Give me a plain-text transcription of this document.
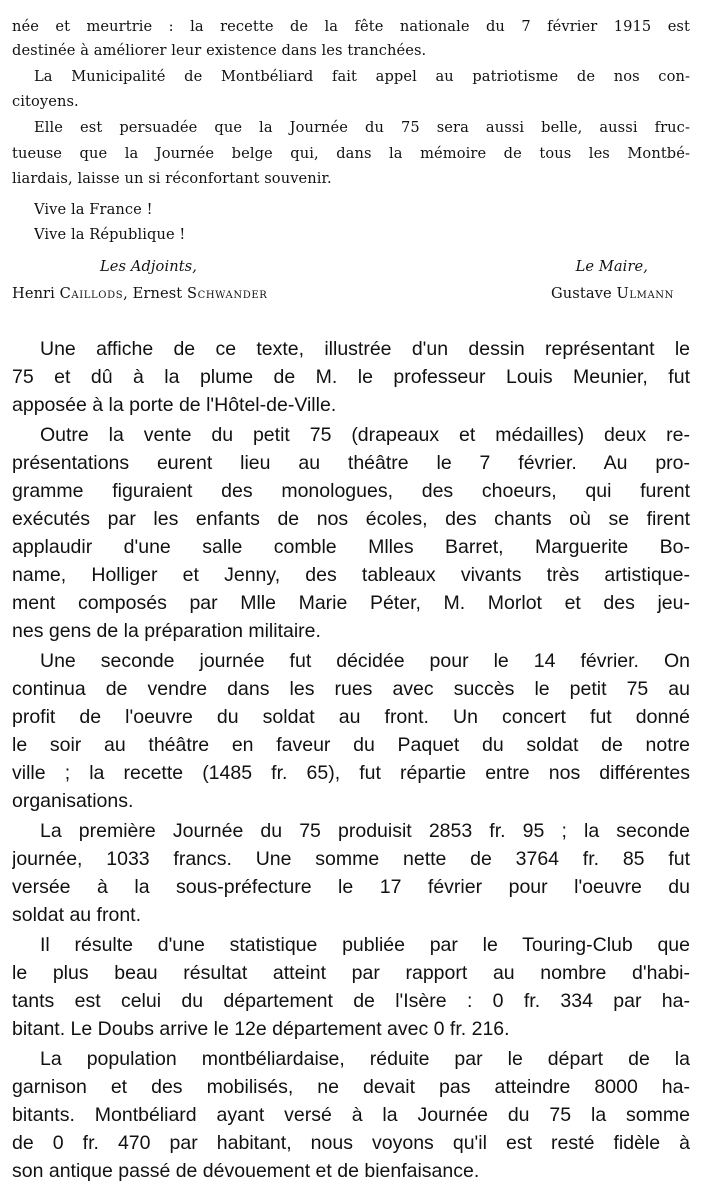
née et meurtrie : la recette de la fête nationale du 7 février 1915 est
destinée à améliorer leur existence dans les tranchées.
La Municipalité de Montbéliard fait appel au patriotisme de nos con-
citoyens.
Elle est persuadée que la Journée du 75 sera aussi belle, aussi fruc-
tueuse que la Journée belge qui, dans la mémoire de tous les Montbé-
liardais, laisse un si réconfortant souvenir.
Vive la France !
Vive la République !
Les Adjoints,	Le Maire,
Henri Caillods, Ernest Schwander	Gustave Ulmann
Une affiche de ce texte, illustrée d'un dessin représentant le
75 et dû à la plume de M. le professeur Louis Meunier, fut
apposée à la porte de l'Hôtel-de-Ville.
Outre la vente du petit 75 (drapeaux et médailles) deux re-
présentations eurent lieu au théâtre le 7 février. Au pro-
gramme figuraient des monologues, des choeurs, qui furent
exécutés par les enfants de nos écoles, des chants où se firent
applaudir d'une salle comble Mlles Barret, Marguerite Bo-
name, Holliger et Jenny, des tableaux vivants très artistique-
ment composés par Mlle Marie Péter, M. Morlot et des jeu-
nes gens de la préparation militaire.
Une seconde journée fut décidée pour le 14 février. On
continua de vendre dans les rues avec succès le petit 75 au
profit de l'oeuvre du soldat au front. Un concert fut donné
le soir au théâtre en faveur du Paquet du soldat de notre
ville ; la recette (1485 fr. 65), fut répartie entre nos différentes
organisations.
La première Journée du 75 produisit 2853 fr. 95 ; la seconde
journée, 1033 francs. Une somme nette de 3764 fr. 85 fut
versée à la sous-préfecture le 17 février pour l'oeuvre du
soldat au front.
Il résulte d'une statistique publiée par le Touring-Club que
le plus beau résultat atteint par rapport au nombre d'habi-
tants est celui du département de l'Isère : 0 fr. 334 par ha-
bitant. Le Doubs arrive le 12e département avec 0 fr. 216.
La population montbéliardaise, réduite par le départ de la
garnison et des mobilisés, ne devait pas atteindre 8000 ha-
bitants. Montbéliard ayant versé à la Journée du 75 la somme
de 0 fr. 470 par habitant, nous voyons qu'il est resté fidèle à
son antique passé de dévouement et de bienfaisance.
